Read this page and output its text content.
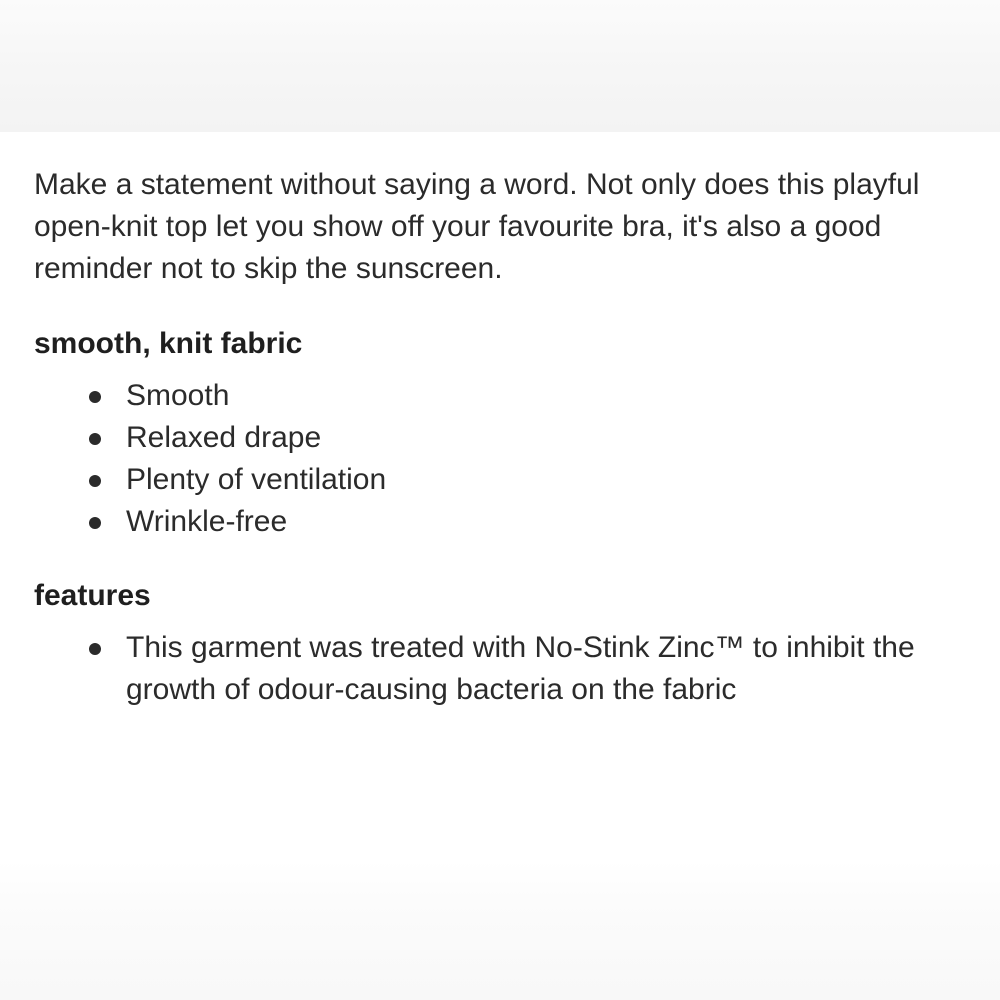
Make a statement without saying a word. Not only does this playful open-knit top let you show off your favourite bra, it's also a good reminder not to skip the sunscreen.

smooth, knit fabric
Smooth
Relaxed drape
Plenty of ventilation
Wrinkle-free
features
This garment was treated with No-Stink Zinc™ to inhibit the growth of odour-causing bacteria on the fabric
